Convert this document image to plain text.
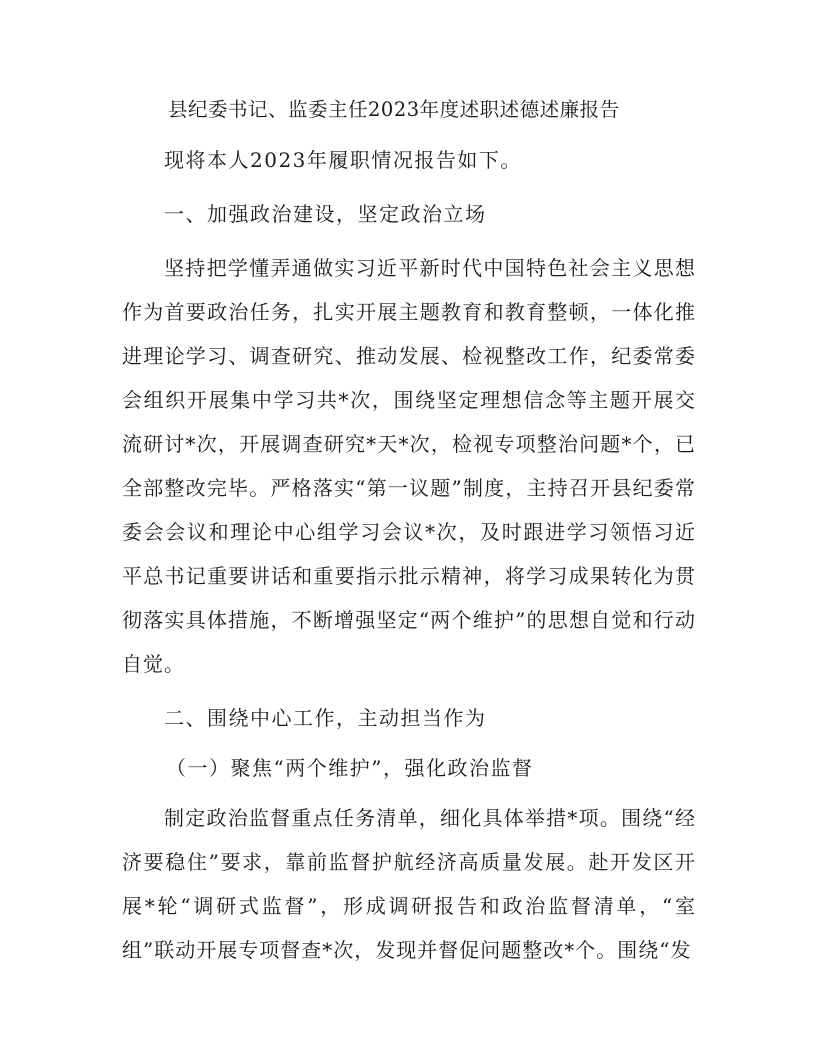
县纪委书记、监委主任2023年度述职述德述廉报告

现将本人2023年履职情况报告如下。

一、加强政治建设，坚定政治立场

坚持把学懂弄通做实习近平新时代中国特色社会主义思想作为首要政治任务，扎实开展主题教育和教育整顿，一体化推进理论学习、调查研究、推动发展、检视整改工作，纪委常委会组织开展集中学习共*次，围绕坚定理想信念等主题开展交流研讨*次，开展调查研究*天*次，检视专项整治问题*个，已全部整改完毕。严格落实“第一议题”制度，主持召开县纪委常委会会议和理论中心组学习会议*次，及时跟进学习领悟习近平总书记重要讲话和重要指示批示精神，将学习成果转化为贯彻落实具体措施，不断增强坚定“两个维护”的思想自觉和行动自觉。

二、围绕中心工作，主动担当作为

（一）聚焦“两个维护”，强化政治监督

制定政治监督重点任务清单，细化具体举措*项。围绕“经济要稳住”要求，靠前监督护航经济高质量发展。赴开发区开展*轮“调研式监督”，形成调研报告和政治监督清单，“室组”联动开展专项督查*次，发现并督促问题整改*个。围绕“发
